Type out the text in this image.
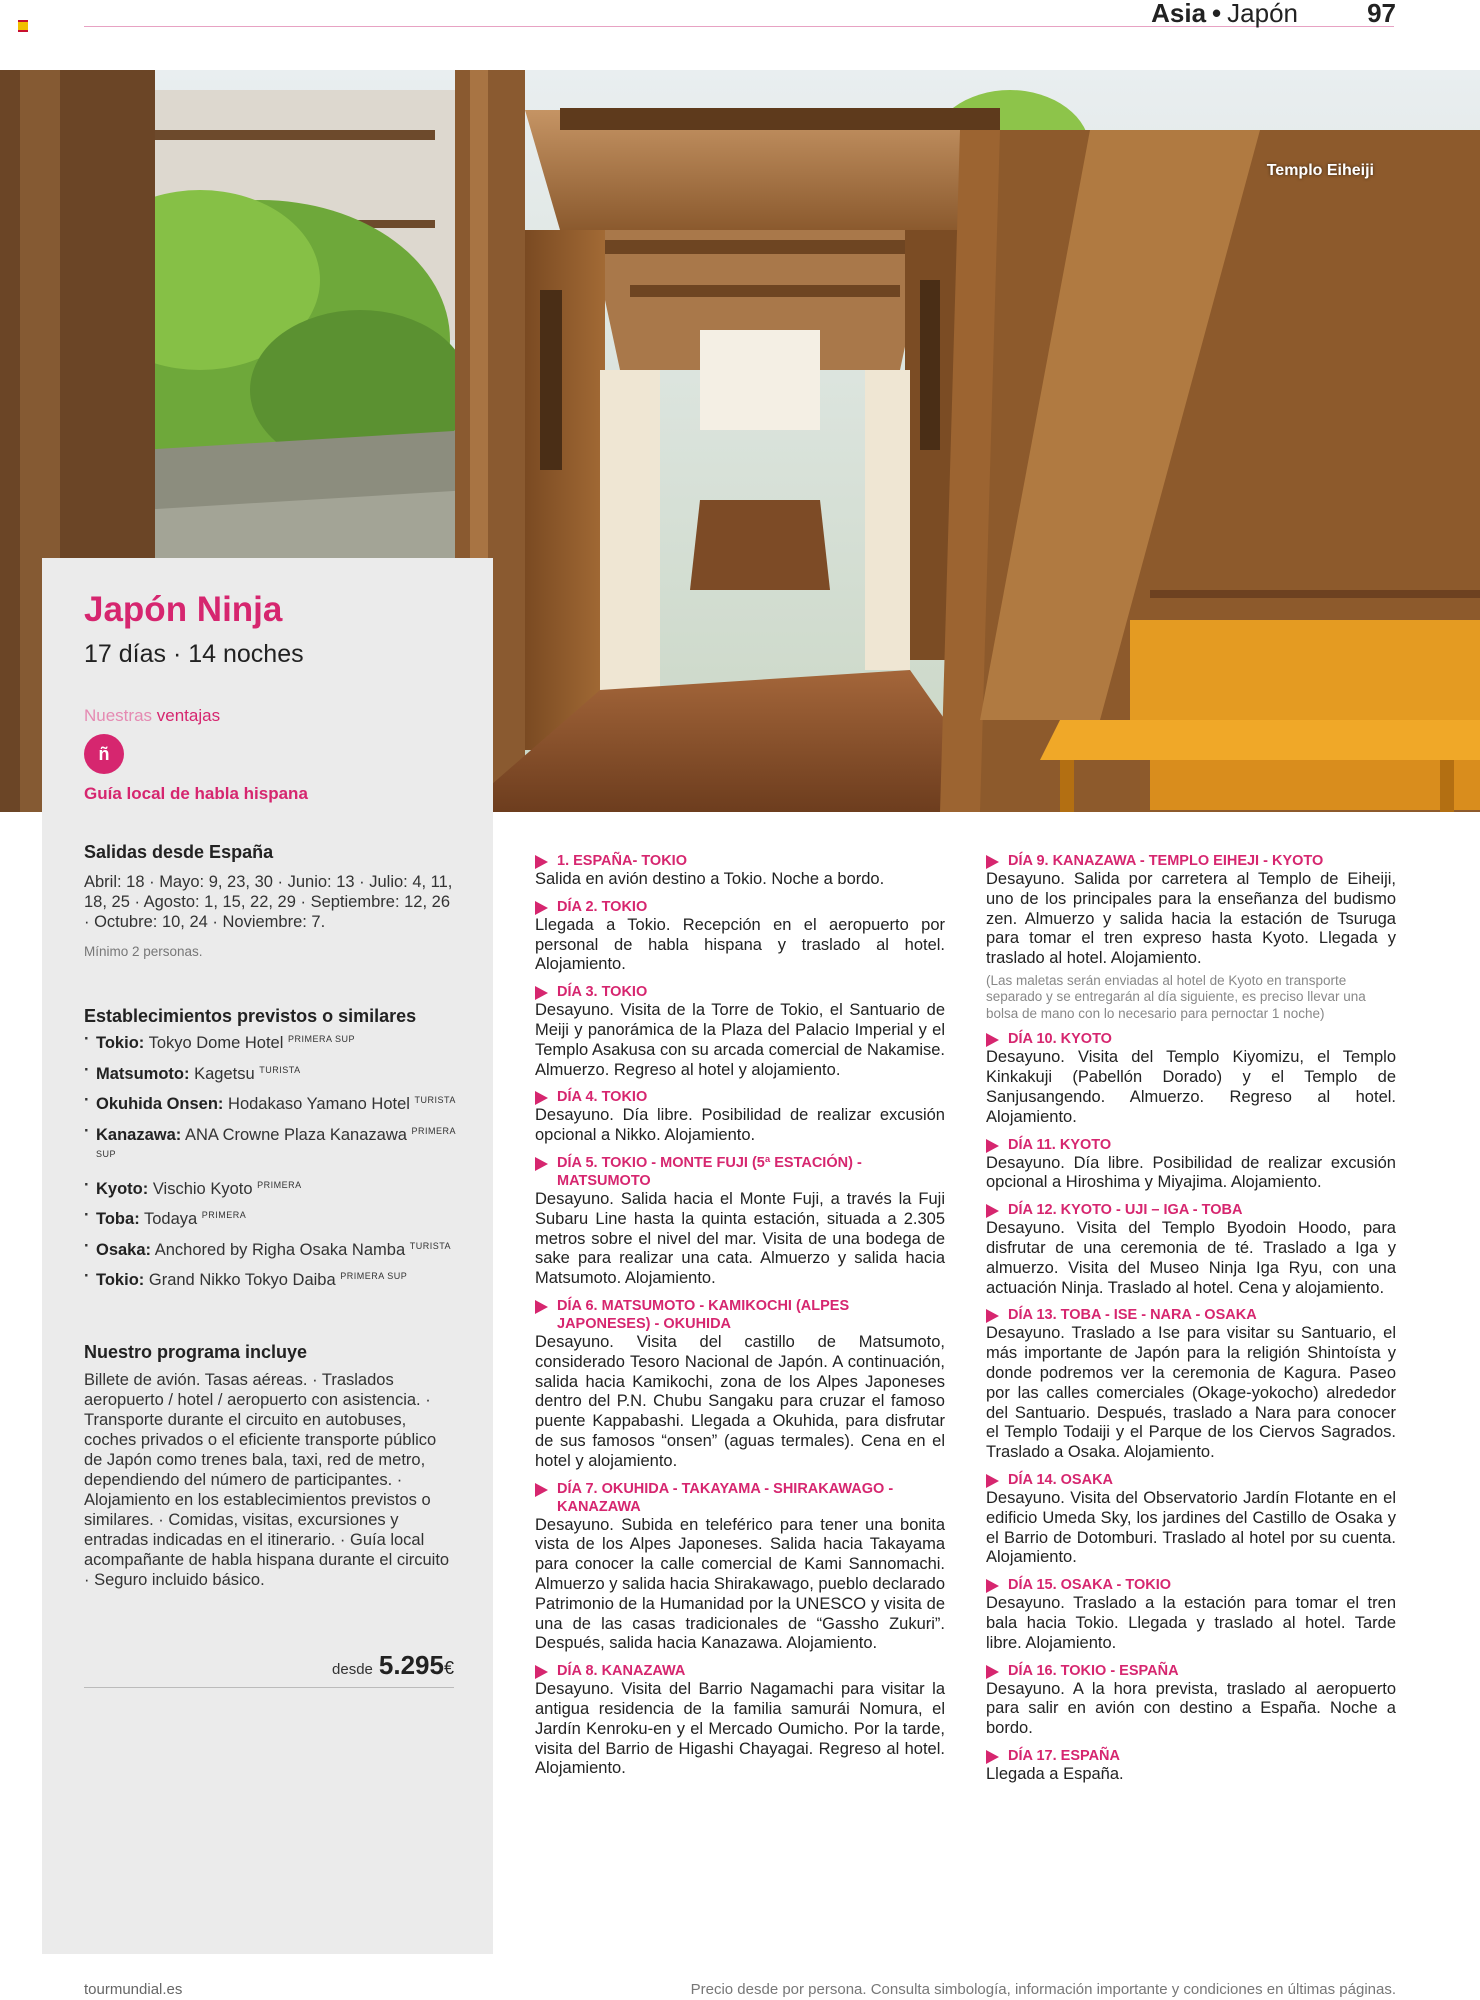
Asia • Japón	97
Templo Eiheiji
Japón Ninja
17 días · 14 noches
Nuestras ventajas
ñ
Guía local de habla hispana
Salidas desde España
Abril: 18 · Mayo: 9, 23, 30 · Junio: 13 · Julio: 4, 11, 18, 25 · Agosto: 1, 15, 22, 29 · Septiembre: 12, 26 · Octubre: 10, 24 · Noviembre: 7.
Mínimo 2 personas.
Establecimientos previstos o similares
· Tokio: Tokyo Dome Hotel $^{PRIMERA SUP}$
· Matsumoto: Kagetsu $^{TURISTA}$
· Okuhida Onsen: Hodakaso Yamano Hotel $^{TURISTA}$
· Kanazawa: ANA Crowne Plaza Kanazawa $^{PRIMERA SUP}$
· Kyoto: Vischio Kyoto $^{PRIMERA}$
· Toba: Todaya $^{PRIMERA}$
· Osaka: Anchored by Righa Osaka Namba $^{TURISTA}$
· Tokio: Grand Nikko Tokyo Daiba $^{PRIMERA SUP}$
Nuestro programa incluye
Billete de avión. Tasas aéreas. · Traslados aeropuerto / hotel / aeropuerto con asistencia. · Transporte durante el circuito en autobuses, coches privados o el eficiente transporte público de Japón como trenes bala, taxi, red de metro, dependiendo del número de participantes. · Alojamiento en los establecimientos previstos o similares. · Comidas, visitas, excursiones y entradas indicadas en el itinerario. · Guía local acompañante de habla hispana durante el circuito · Seguro incluido básico.
desde 5.295€
1. ESPAÑA- TOKIO
Salida en avión destino a Tokio. Noche a bordo.
DÍA 2. TOKIO
Llegada a Tokio. Recepción en el aeropuerto por personal de habla hispana y traslado al hotel. Alojamiento.
DÍA 3. TOKIO
Desayuno. Visita de la Torre de Tokio, el Santuario de Meiji y panorámica de la Plaza del Palacio Imperial y el Templo Asakusa con su arcada comercial de Nakamise. Almuerzo. Regreso al hotel y alojamiento.
DÍA 4. TOKIO
Desayuno. Día libre. Posibilidad de realizar excusión opcional a Nikko. Alojamiento.
DÍA 5. TOKIO - MONTE FUJI (5ª ESTACIÓN) - MATSUMOTO
Desayuno. Salida hacia el Monte Fuji, a través la Fuji Subaru Line hasta la quinta estación, situada a 2.305 metros sobre el nivel del mar. Visita de una bodega de sake para realizar una cata. Almuerzo y salida hacia Matsumoto. Alojamiento.
DÍA 6. MATSUMOTO - KAMIKOCHI (ALPES JAPONESES) - OKUHIDA
Desayuno. Visita del castillo de Matsumoto, considerado Tesoro Nacional de Japón. A continuación, salida hacia Kamikochi, zona de los Alpes Japoneses dentro del P.N. Chubu Sangaku para cruzar el famoso puente Kappabashi. Llegada a Okuhida, para disfrutar de sus famosos “onsen” (aguas termales). Cena en el hotel y alojamiento.
DÍA 7. OKUHIDA - TAKAYAMA - SHIRAKAWAGO - KANAZAWA
Desayuno. Subida en teleférico para tener una bonita vista de los Alpes Japoneses. Salida hacia Takayama para conocer la calle comercial de Kami Sannomachi. Almuerzo y salida hacia Shirakawago, pueblo declarado Patrimonio de la Humanidad por la UNESCO y visita de una de las casas tradicionales de “Gassho Zukuri”. Después, salida hacia Kanazawa. Alojamiento.
DÍA 8. KANAZAWA
Desayuno. Visita del Barrio Nagamachi para visitar la antigua residencia de la familia samurái Nomura, el Jardín Kenroku-en y el Mercado Oumicho. Por la tarde, visita del Barrio de Higashi Chayagai. Regreso al hotel. Alojamiento.
DÍA 9. KANAZAWA - TEMPLO EIHEJI - KYOTO
Desayuno. Salida por carretera al Templo de Eiheiji, uno de los principales para la enseñanza del budismo zen. Almuerzo y salida hacia la estación de Tsuruga para tomar el tren expreso hasta Kyoto. Llegada y traslado al hotel. Alojamiento.
(Las maletas serán enviadas al hotel de Kyoto en transporte separado y se entregarán al día siguiente, es preciso llevar una bolsa de mano con lo necesario para pernoctar 1 noche)
DÍA 10. KYOTO
Desayuno. Visita del Templo Kiyomizu, el Templo Kinkakuji (Pabellón Dorado) y el Templo de Sanjusangendo. Almuerzo. Regreso al hotel. Alojamiento.
DÍA 11. KYOTO
Desayuno. Día libre. Posibilidad de realizar excusión opcional a Hiroshima y Miyajima. Alojamiento.
DÍA 12. KYOTO - UJI – IGA - TOBA
Desayuno. Visita del Templo Byodoin Hoodo, para disfrutar de una ceremonia de té. Traslado a Iga y almuerzo. Visita del Museo Ninja Iga Ryu, con una actuación Ninja. Traslado al hotel. Cena y alojamiento.
DÍA 13. TOBA - ISE - NARA - OSAKA
Desayuno. Traslado a Ise para visitar su Santuario, el más importante de Japón para la religión Shintoísta y donde podremos ver la ceremonia de Kagura. Paseo por las calles comerciales (Okage-yokocho) alrededor del Santuario. Después, traslado a Nara para conocer el Templo Todaiji y el Parque de los Ciervos Sagrados. Traslado a Osaka. Alojamiento.
DÍA 14. OSAKA
Desayuno. Visita del Observatorio Jardín Flotante en el edificio Umeda Sky, los jardines del Castillo de Osaka y el Barrio de Dotomburi. Traslado al hotel por su cuenta. Alojamiento.
DÍA 15. OSAKA - TOKIO
Desayuno. Traslado a la estación para tomar el tren bala hacia Tokio. Llegada y traslado al hotel. Tarde libre. Alojamiento.
DÍA 16. TOKIO - ESPAÑA
Desayuno. A la hora prevista, traslado al aeropuerto para salir en avión con destino a España. Noche a bordo.
DÍA 17. ESPAÑA
Llegada a España.
tourmundial.es	Precio desde por persona. Consulta simbología, información importante y condiciones en últimas páginas.
